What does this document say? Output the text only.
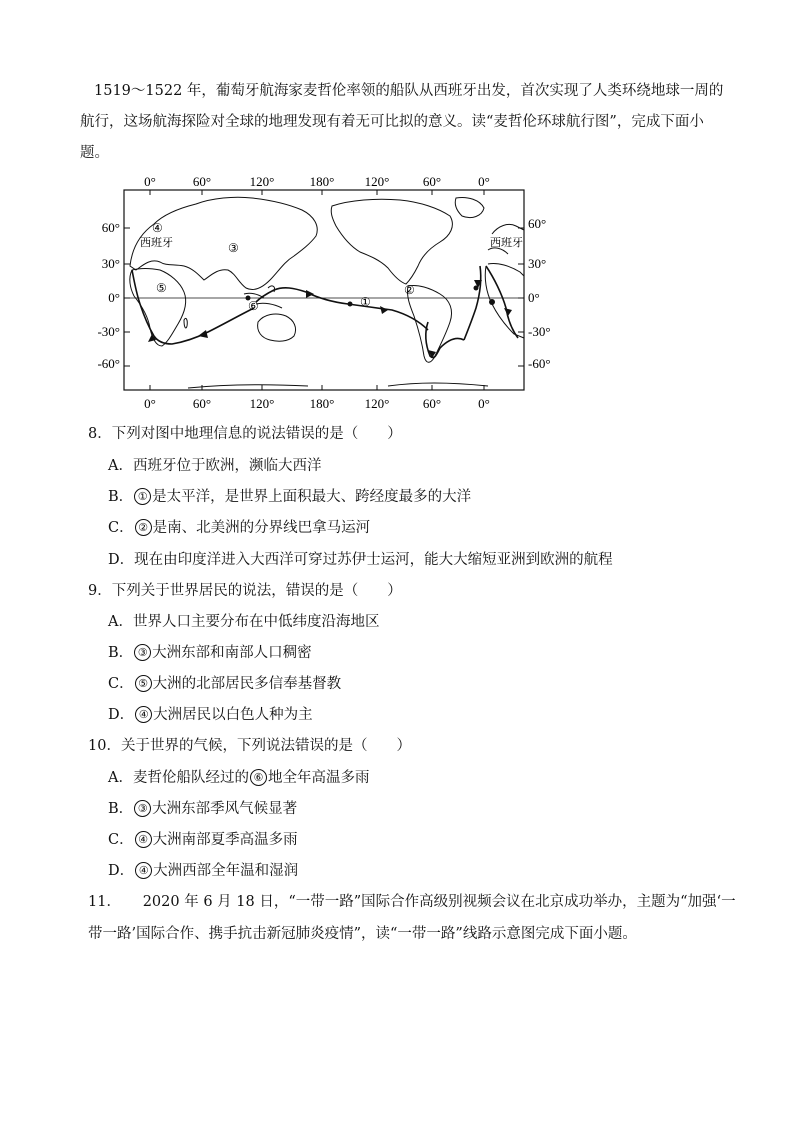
1519～1522 年，葡萄牙航海家麦哲伦率领的船队从西班牙出发，首次实现了人类环绕地球一周的
航行，这场航海探险对全球的地理发现有着无可比拟的意义。读“麦哲伦环球航行图”，完成下面小
题。
0°	60°	120°	180° 120°	60°	0°
0°	60°	120°	180° 120°	60°	0°
60°
30°
0°
-30°
-60°
60°
30°
0°
-30°
-60°
西班牙	西班牙
④
③
⑤
⑥	①
②
8．下列对图中地理信息的说法错误的是（　　）
A．西班牙位于欧洲，濒临大西洋
B． ① 是太平洋，是世界上面积最大、跨经度最多的大洋
C． ② 是南、北美洲的分界线巴拿马运河
D．现在由印度洋进入大西洋可穿过苏伊士运河，能大大缩短亚洲到欧洲的航程
9．下列关于世界居民的说法，错误的是（　　）
A．世界人口主要分布在中低纬度沿海地区
B． ③ 大洲东部和南部人口稠密
C． ⑤ 大洲的北部居民多信奉基督教
D． ④ 大洲居民以白色人种为主
10．关于世界的气候，下列说法错误的是（　　）
A．麦哲伦船队经过的 ⑥ 地全年高温多雨
B． ③ 大洲东部季风气候显著
C． ④ 大洲南部夏季高温多雨
D． ④ 大洲西部全年温和湿润
11．　　2020 年 6 月 18 日，“一带一路”国际合作高级别视频会议在北京成功举办，主题为“加强‘一
带一路’国际合作、携手抗击新冠肺炎疫情”，读“一带一路”线路示意图完成下面小题。
